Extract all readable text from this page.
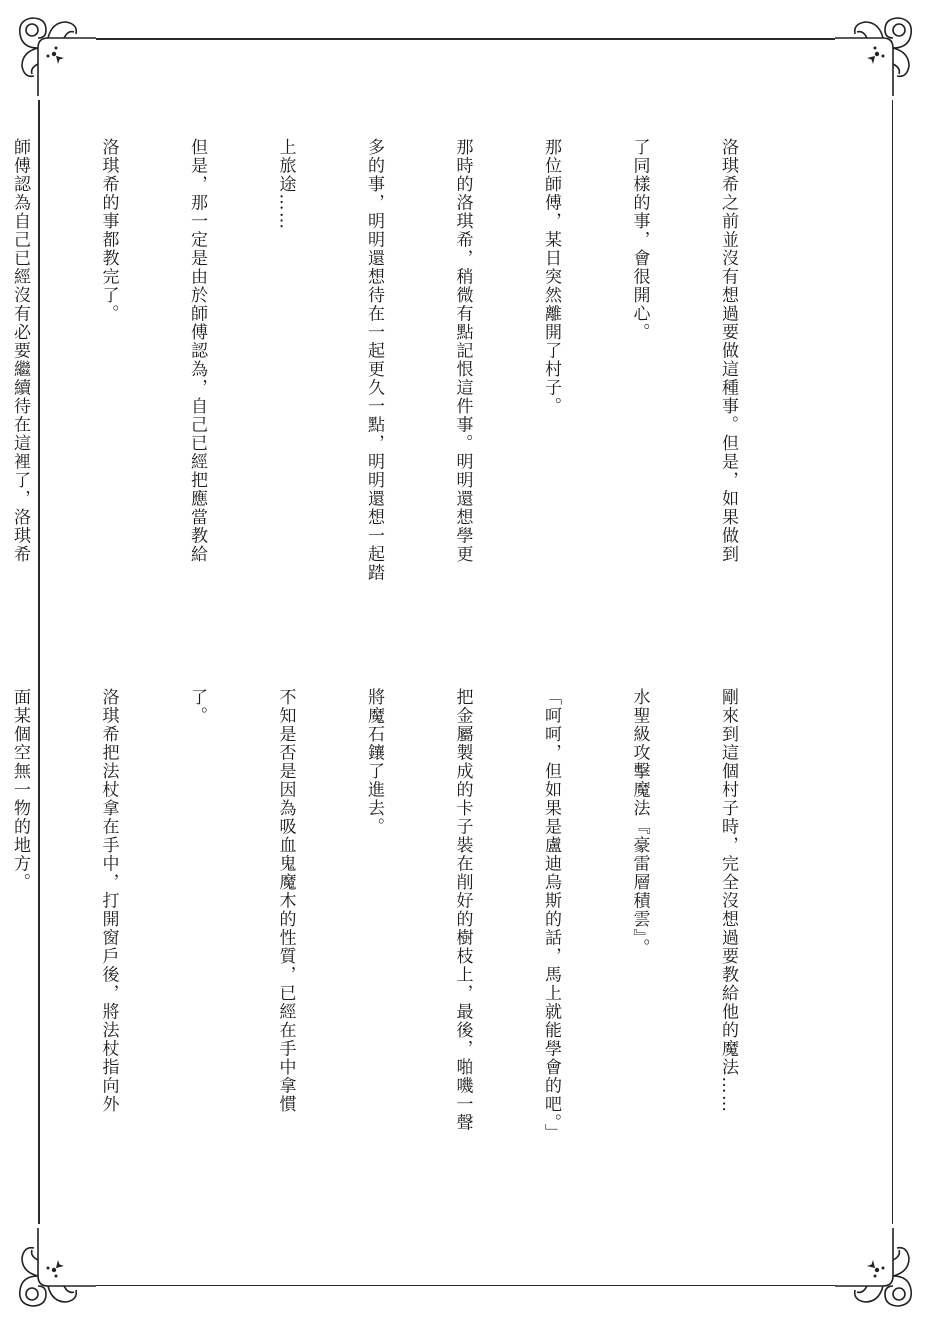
洛琪希之前並沒有想過要做這種事。但是，如果做到

了同樣的事，會很開心。

那位師傅，某日突然離開了村子。

那時的洛琪希，稍微有點記恨這件事。明明還想學更

多的事，明明還想待在一起更久一點，明明還想一起踏

上旅途……

但是，那一定是由於師傅認為，自己已經把應當教給

洛琪希的事都教完了。

師傅認為自己已經沒有必要繼續待在這裡了，洛琪希

剛來到這個村子時，完全沒想過要教給他的魔法……

水聖級攻擊魔法『豪雷層積雲』。

「呵呵，但如果是盧迪烏斯的話，馬上就能學會的吧。」

把金屬製成的卡子裝在削好的樹枝上，最後，啪嘰一聲

將魔石鑲了進去。

不知是否是因為吸血鬼魔木的性質，已經在手中拿慣

了。

洛琪希把法杖拿在手中，打開窗戶後，將法杖指向外

面某個空無一物的地方。
